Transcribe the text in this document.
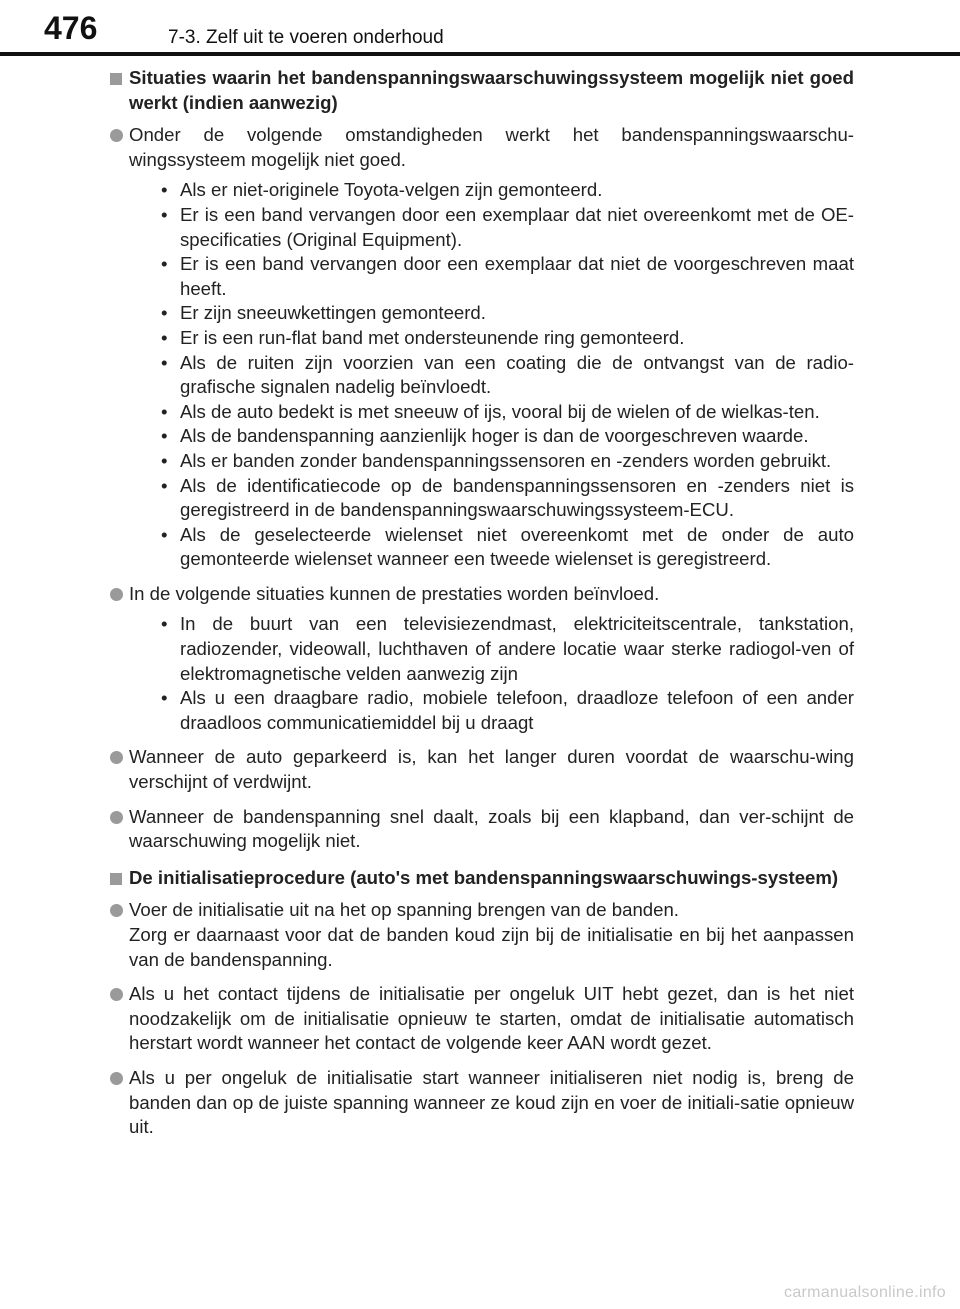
476	7-3. Zelf uit te voeren onderhoud
Situaties waarin het bandenspanningswaarschuwingssysteem mogelijk niet goed werkt (indien aanwezig)
Onder de volgende omstandigheden werkt het bandenspanningswaarschu-wingssysteem mogelijk niet goed.
• Als er niet-originele Toyota-velgen zijn gemonteerd.
• Er is een band vervangen door een exemplaar dat niet overeenkomt met de OE-specificaties (Original Equipment).
• Er is een band vervangen door een exemplaar dat niet de voorgeschreven maat heeft.
• Er zijn sneeuwkettingen gemonteerd.
• Er is een run-flat band met ondersteunende ring gemonteerd.
• Als de ruiten zijn voorzien van een coating die de ontvangst van de radio-grafische signalen nadelig beïnvloedt.
• Als de auto bedekt is met sneeuw of ijs, vooral bij de wielen of de wielkas-ten.
• Als de bandenspanning aanzienlijk hoger is dan de voorgeschreven waarde.
• Als er banden zonder bandenspanningssensoren en -zenders worden gebruikt.
• Als de identificatiecode op de bandenspanningssensoren en -zenders niet is geregistreerd in de bandenspanningswaarschuwingssysteem-ECU.
• Als de geselecteerde wielenset niet overeenkomt met de onder de auto gemonteerde wielenset wanneer een tweede wielenset is geregistreerd.
In de volgende situaties kunnen de prestaties worden beïnvloed.
• In de buurt van een televisiezendmast, elektriciteitscentrale, tankstation, radiozender, videowall, luchthaven of andere locatie waar sterke radiogol-ven of elektromagnetische velden aanwezig zijn
• Als u een draagbare radio, mobiele telefoon, draadloze telefoon of een ander draadloos communicatiemiddel bij u draagt
Wanneer de auto geparkeerd is, kan het langer duren voordat de waarschu-wing verschijnt of verdwijnt.
Wanneer de bandenspanning snel daalt, zoals bij een klapband, dan ver-schijnt de waarschuwing mogelijk niet.
De initialisatieprocedure (auto's met bandenspanningswaarschuwings-systeem)
Voer de initialisatie uit na het op spanning brengen van de banden.
Zorg er daarnaast voor dat de banden koud zijn bij de initialisatie en bij het aanpassen van de bandenspanning.
Als u het contact tijdens de initialisatie per ongeluk UIT hebt gezet, dan is het niet noodzakelijk om de initialisatie opnieuw te starten, omdat de initialisatie automatisch herstart wordt wanneer het contact de volgende keer AAN wordt gezet.
Als u per ongeluk de initialisatie start wanneer initialiseren niet nodig is, breng de banden dan op de juiste spanning wanneer ze koud zijn en voer de initiali-satie opnieuw uit.
carmanualsonline.info
